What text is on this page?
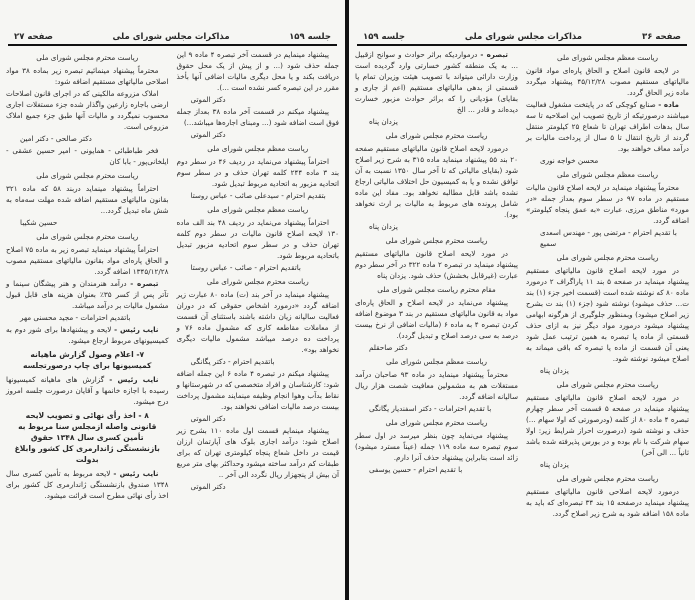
جلسه ۱۵۹
مذاکرات مجلس شورای ملی
صفحه ۲۷
پیشنهاد مینمایم در قسمت آخر تبصره ۴ ماده ۹ این جمله حذف شود (... و از پیش از یک محل حقوق دریافت بکند و یا محل دیگری مالیات اضافی آنها بأخذ مقرر در این تبصره کسر نشده است ...).
دکتر الموتی
پیشنهاد میکنم در قسمت آخر ماده ۳۸ بعداز جمله فوق است اضافه شود (... ومبنای اجاره‌ها میباشد...)
دکتر الموتی
ریاست معظم مجلس شورای ملی
احتراماً پیشنهاد می‌نماید در ردیف ۴۶ در سطر دوم بند ۳ ماده ۲۴۴ کلمه تهران حذف و در سطر سوم اتحادیه مزبور به اتحادیه مربوط تبدیل شود.
بتقدیم احترام - سیدعلی صائب - عباس روستا
ریاست معظم مجلس شورای ملی
احتراماً پیشنهاد می‌نماید در ردیف ۴۸ بند الف ماده ۱۳۰ لایحه اصلاح قانون مالیات در سطر دوم کلمه تهران حذف و در سطر سوم اتحادیه مزبور تبدیل باتحادیه مربوط شود.
باتقدیم احترام - صائب - عباس روستا
ریاست محترم مجلس شورای ملی
پیشنهاد مینماید در آخر بند (ت) ماده ۸۰ عبارت زیر اضافه گردد «درمورد اشخاص حقوقی که در دوران فعالیت سالیانه زیان داشته باشند باستثنای آن قسمت از معاملات مقاطعه کاری که مشمول ماده ۷۶ و پرداخت ده درصد میباشد مشمول مالیات دیگری نخواهد بود».
باتقدیم احترام - دکتر یگانگی
پیشنهاد میکنم در تبصره ۴ ماده ۶ این جمله اضافه شود: کارشناسان و افراد متخصصی که در شهرستانها و نقاط بدآب وهوا انجام وظیفه مینمایند مشمول پرداخت بیست درصد مالیات اضافی نخواهند بود.
دکتر الموتی
پیشنهاد مینمایم قسمت اول ماده ۱۱۰ بشرح زیر اصلاح شود: درآمد اجاری بلوک های آپارتمان ارزان قیمت در داخل شعاع پنجاه کیلومتری تهران که برای طبقات کم درآمد ساخته میشود وحداکثر بهای متر مربع آن بیش از پنجهزار ریال نگردد الی آخر ..
دکتر الموتی
ریاست محترم مجلس شورای ملی
محترماً پیشنهاد مینمائیم تبصره زیر بماده ۳۸ مواد اصلاحی مالیاتهای مستقیم اضافه شود:
املاک مزروعه مالکینی که در اجرای قانون اصلاحات ارضی باجاره زارعین واگذار شده جزء مستغلات اجاری محسوب نمیگردد و مالیات آنها طبق جزء جمیع املاک مزروعی است.
دکتر صالحی - دکتر امین
فخر طباطبائی - همایونی - امیر حسین عشقی - ایلخانی‌پور - بابا کان
ریاست محترم مجلس شورای ملی
احتراماً پیشنهاد مینماید دربند ۵۸ که ماده ۳۲۱ بقانون مالیاتهای مستقیم اضافه شده مهلت سه‌ماه به شش ماه تبدیل گردد...
حسین شکیبا
ریاست محترم مجلس شورای ملی
احتراماً پیشنهاد مینماید تبصره زیر به ماده ۷۵ اصلاح و الحاق پاره‌ای مواد بقانون مالیاتهای مستقیم مصوب ۱۳۴۵/۱۲/۲۸ اضافه گردد.
تبصره - درآمد هنرمندان و هنر پیشگان سینما و تآتر پس از کسر ۳۵٪ بعنوان هزینه های قابل قبول مشمول مالیات بر درآمد میباشد.
باتقدیم احترامات - مجید محسنی مهر
نایب رئیس - لایحه و پیشنهادها برای شور دوم به کمیسیونهای مربوط ارجاع میشود.
۷- اعلام وصول گزارش ماهیانه کمیسیونها برای چاپ درصورتجلسه
نایب رئیس - گزارش های ماهیانه کمیسیونها رسیده با اجازه خانمها و آقایان درصورت جلسه امروز درج میشود.
۸ - اخذ رأی نهائی و تصویب لایحه قانونی واصله ازمجلس سنا مربوط به تأمین کسری سال ۱۳۴۸ حقوق بازنشستگی ژاندارمری کل کشور وابلاغ بدولت
نایب رئیس - لایحه مربوط به تأمین کسری سال ۱۳۴۸ صندوق بازنشستگی ژاندارمری کل کشور برای اخذ رأی نهائی مطرح است قرائت میشود.
صفحه ۳۶
مذاکرات مجلس شورای ملی
جلسه ۱۵۹
ریاست معظم مجلس شورای ملی
در لایحه قانون اصلاح و الحاق پاره‌ای مواد قانون مالیاتهای مستقیم مصوب ۴۵/۱۲/۲۸ پیشنهاد میگردد ماده زیر الحاق گردد.
ماده - صنایع کوچکی که در پایتخت مشغول فعالیت میباشند درصورتیکه از تاریخ تصویب این اصلاحیه تا سه سال بدهات اطراف تهران تا شعاع ۲۵ کیلومتر منتقل گردند از تاریخ انتقال تا ۵ سال از پرداخت مالیات بر درآمد معاف خواهند بود.
محسن خواجه نوری
ریاست معظم مجلس شورای ملی
محترماً پیشنهاد مینماید در لایحه اصلاح قانون مالیات مستقیم در ماده ۹۷ در سطر سوم بعداز جمله «در مورد» مناطق مرزی، عبارت «به عمق پنجاه کیلومتر» اضافه گردد.
با تقدیم احترام - مرتضی پور - مهندس اسعدی سمیع
ریاست محترم مجلس شورای ملی
در مورد لایحه اصلاح قانون مالیاتهای مستقیم پیشنهاد مینماید در صفحه ۵ بند ۱۱ پاراگراف ۲ درمورد ماده ۸۰ که نوشته شده است (قسمت اخیر جزء (۱) بند ت... حذف میشود) نوشته شود (جزء (۱) بند ت بشرح زیر اصلاح میشود) وبمنظور جلوگیری از هرگونه ابهامی پیشنهاد میشود درمورد مواد دیگر نیز به ازای حذف قسمتی از ماده یا تبصره به همین ترتیب عمل شود یعنی آن قسمت از ماده یا تبصره که باقی میماند به اصلاح میشود نوشته شود.
یزدان پناه
ریاست محترم مجلس شورای ملی
در مورد لایحه اصلاح قانون مالیاتهای مستقیم پیشنهاد مینماید در صفحه ۵ قسمت آخر سطر چهارم تبصره ۴ ماده ۸۰ از کلمه (ودرصورتی که اولا سهام ...) حذف و نوشته شود (درصورت احراز شرایط زیر: اولا سهام شرکت با نام بوده و در بورس پذیرفته شده باشد ثانیاً ... الی آخر)
یزدان پناه
ریاست محترم مجلس شورای ملی
درمورد لایحه اصلاحی قانون مالیاتهای مستقیم پیشنهاد مینماید درصفحه ۱۵ بند ۳۴ تبصره‌ای که باید به ماده ۱۵۸ اضافه شود به شرح زیر اصلاح گردد.
تبصره - درمواردیکه براثر حوادث و سوانح ازقبیل ... به یک منطقه کشور خسارتی وارد گردیده است وزارت دارائی میتواند با تصویب هیئت وزیران تمام یا قسمتی از بدهی مالیاتهای مستقیم (اعم از جاری و بقایای) مؤدیانی را که براثر حوادث مزبور خسارت دیده‌اند و قادر ... الخ
یزدان پناه
ریاست محترم مجلس شورای ملی
درمورد لایحه اصلاح قانون مالیاتهای مستقیم صفحه ۲۰ بند ۵۵ پیشنهاد مینماید ماده ۳۱۵ به شرح زیر اصلاح شود (بقایای مالیاتی که تا آخر سال ۱۳۵۰ نسبت به آن توافق نشده و یا به کمیسیون حل اختلاف مالیاتی ارجاع نشده باشد قابل مطالبه نخواهد بود. مفاد این ماده شامل پرونده های مربوط به مالیات بر ارث نخواهد بود).
یزدان پناه
ریاست محترم مجلس شورای ملی
در مورد لایحه اصلاح قانون مالیاتهای مستقیم پیشنهاد مینماید در تبصره ۲ ماده ۳۲۲ در آخر سطر دوم عبارت (غیرقابل بخشش) حذف شود. یزدان پناه
مقام محترم ریاست مجلس شورای ملی
پیشنهاد می‌نماید در لایحه اصلاح و الحاق پاره‌ای مواد به قانون مالیاتهای مستقیم در بند ۳ موضوع اضافه کردن تبصره ۴ به ماده ۶ (مالیات اضافی از نرخ بیست درصد به سی درصد اصلاح و تبدیل گردد).
دکتر صاحقلم
ریاست معظم مجلس شورای ملی
محترماً پیشنهاد مینماید در ماده ۹۳ صاحبان درآمد مستغلات هم به مشمولین معافیت شصت هزار ریال سالیانه اضافه گردد.
با تقدیم احترامات - دکتر اسفندیار یگانگی
ریاست محترم مجلس شورای ملی
پیشنهاد می‌نماید چون بنظر میرسد در اول سطر سوم تبصره سه ماده ۱۱۹ جمله (عیناً مسترد میشود) زائد است بنابراین پیشنهاد حذف آنرا دارم.
با تقدیم احترام - حسین یوسفی
